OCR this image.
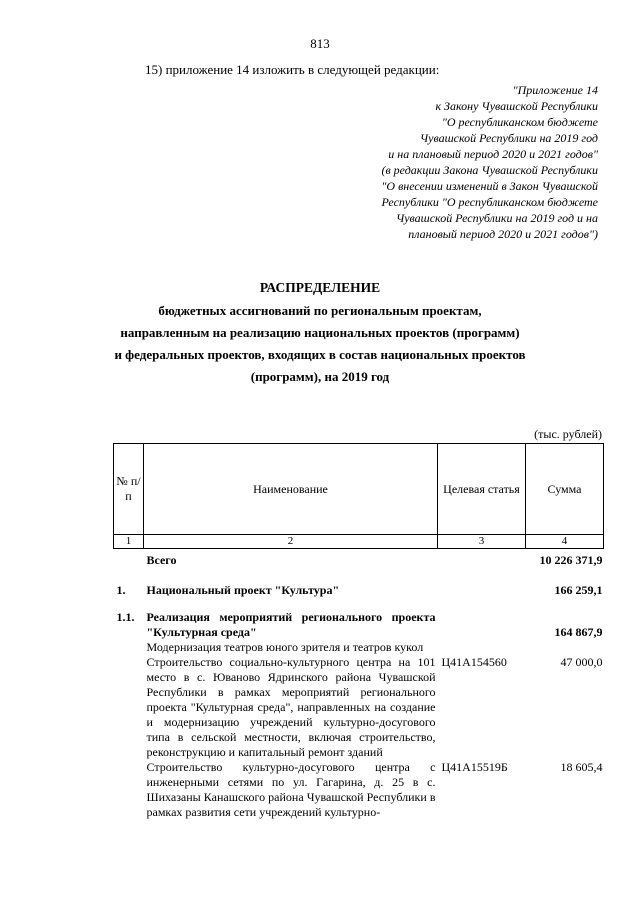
813
15) приложение 14 изложить в следующей редакции:
"Приложение 14
к Закону Чувашской Республики
"О республиканском бюджете
Чувашской Республики на 2019 год
и на плановый период 2020 и 2021 годов"
(в редакции Закона Чувашской Республики
"О внесении изменений в Закон Чувашской
Республики "О республиканском бюджете
Чувашской Республики на 2019 год и на
плановый период 2020 и 2021 годов")
РАСПРЕДЕЛЕНИЕ
бюджетных ассигнований по региональным проектам,
направленным на реализацию национальных проектов (программ)
и федеральных проектов, входящих в состав национальных проектов
(программ), на 2019 год
(тыс. рублей)
№ п/п	Наименование	Целевая статья	Сумма
1	2	3	4
	Всего		10 226 371,9
1.	Национальный проект "Культура"		166 259,1
1.1.	Реализация мероприятий регионального проекта "Культурная среда"		164 867,9
	Модернизация театров юного зрителя и театров кукол		
	Строительство социально-культурного центра на 101 место в с. Юваново Ядринского района Чувашской Республики в рамках мероприятий регионального проекта "Культурная среда", направленных на создание и модернизацию учреждений культурно-досугового типа в сельской местности, включая строительство, реконструкцию и капитальный ремонт зданий	Ц41А154560	47 000,0
	Строительство культурно-досугового центра с инженерными сетями по ул. Гагарина, д. 25 в с. Шихазаны Канашского района Чувашской Республики в рамках развития сети учреждений культурно-	Ц41А15519Б	18 605,4
